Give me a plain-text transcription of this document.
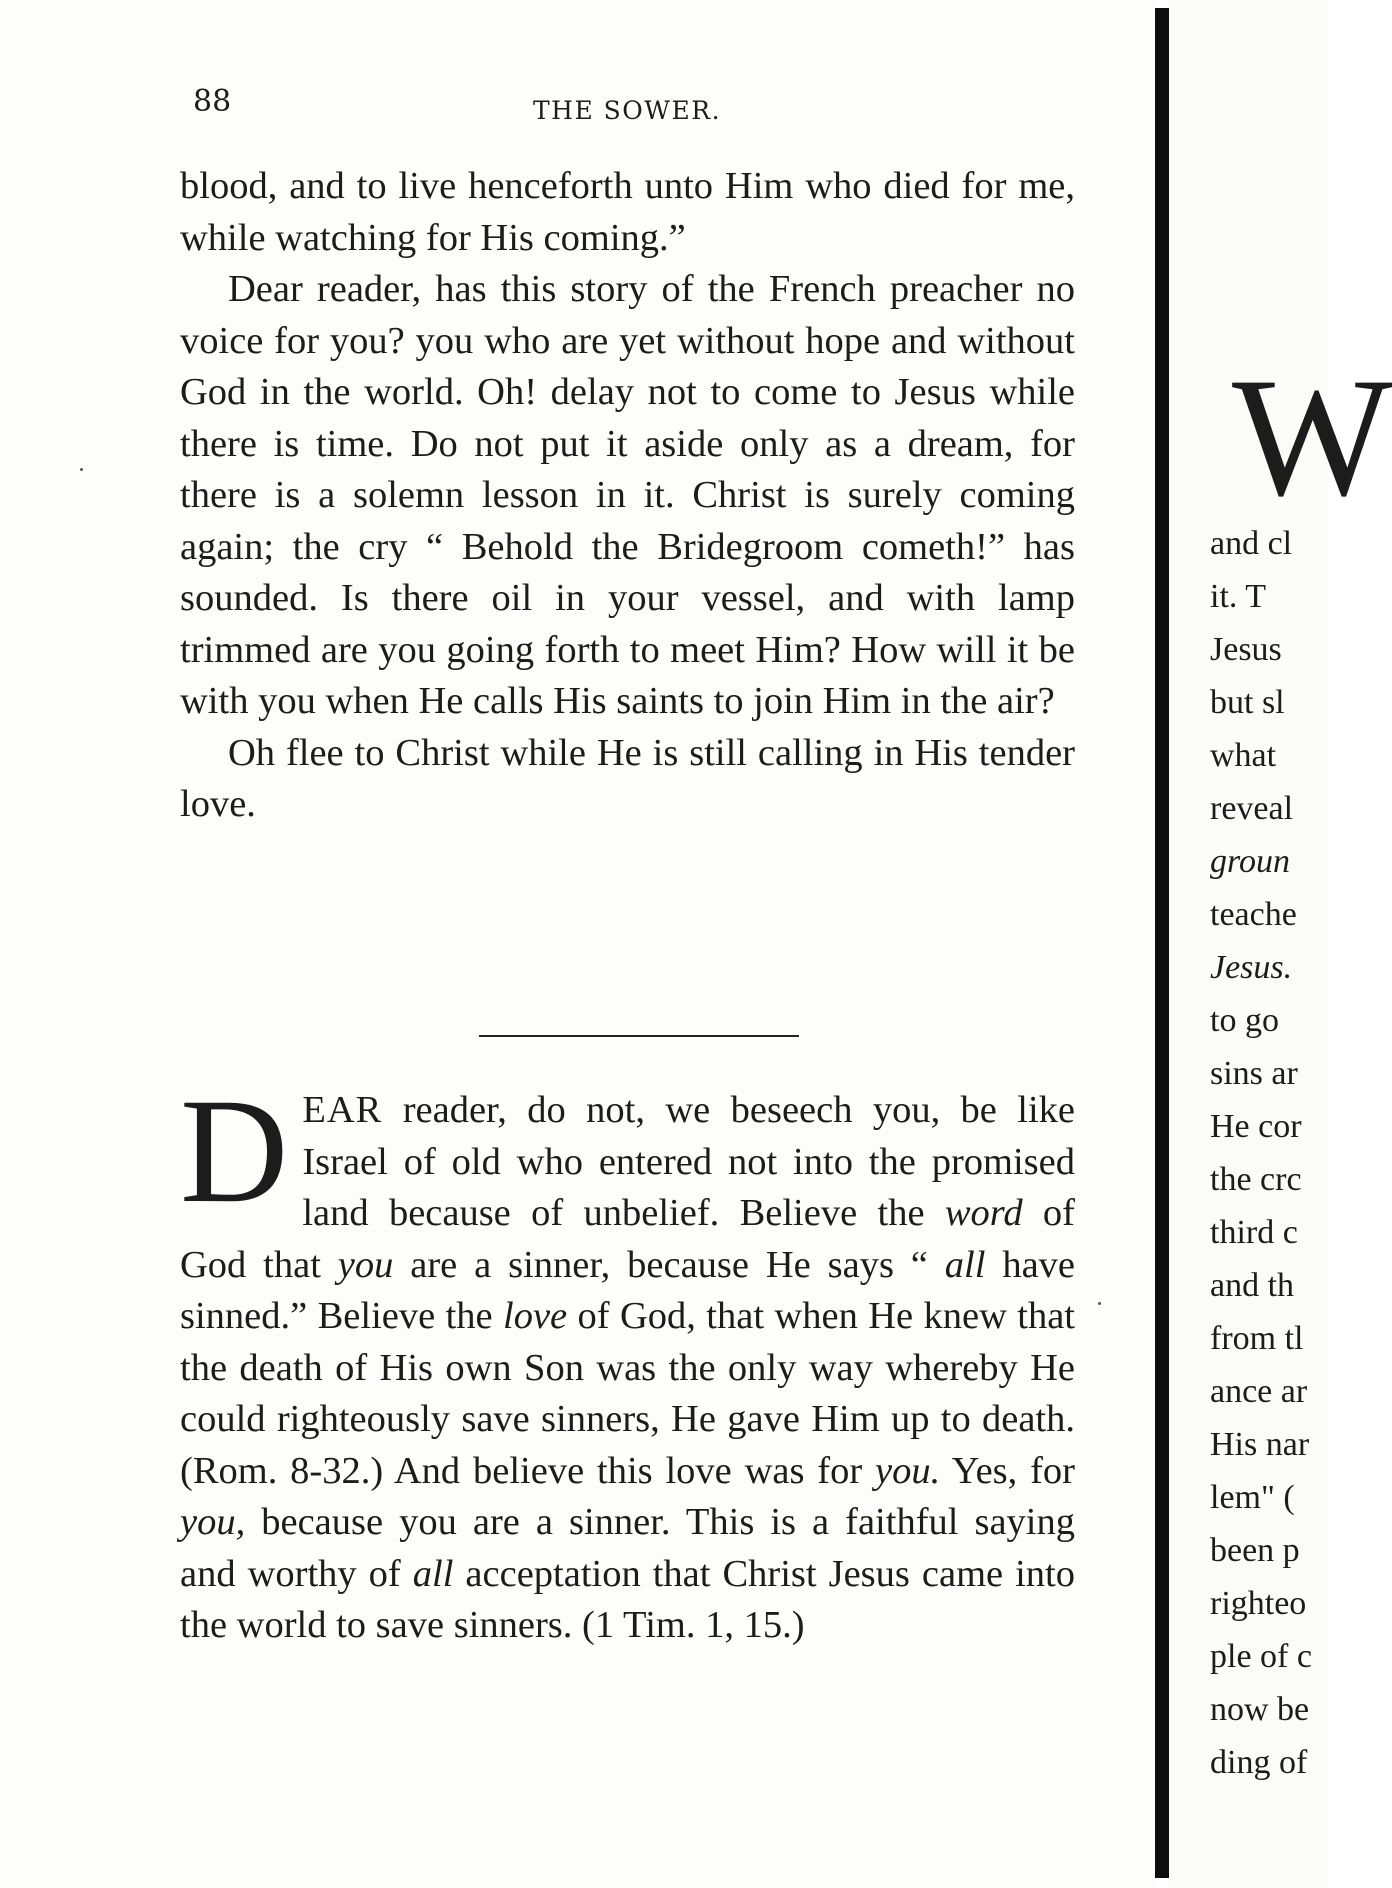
88	THE SOWER.

blood, and to live henceforth unto Him who died for me, while watching for His coming.”

Dear reader, has this story of the French preacher no voice for you? you who are yet without hope and without God in the world. Oh! delay not to come to Jesus while there is time. Do not put it aside only as a dream, for there is a solemn lesson in it. Christ is surely coming again; the cry “ Behold the Bridegroom cometh!” has sounded. Is there oil in your vessel, and with lamp trimmed are you going forth to meet Him? How will it be with you when He calls His saints to join Him in the air?

Oh flee to Christ while He is still calling in His tender love.

DEAR reader, do not, we beseech you, be like Israel of old who entered not into the promised land because of unbelief. Believe the word of God that you are a sinner, because He says “ all have sinned.” Believe the love of God, that when He knew that the death of His own Son was the only way whereby He could righteously save sinners, He gave Him up to death. (Rom. 8-32.) And believe this love was for you. Yes, for you, because you are a sinner. This is a faithful saying and worthy of all acceptation that Christ Jesus came into the world to save sinners. (1 Tim. 1, 15.)

W
and cl
it. T
Jesus
but sl
what
reveal
groun
teache
Jesus.
to go
sins ar
He cor
the crc
third c
and th
from tl
ance ar
His nar
lem" (
been p
righteo
ple of c
now be
ding of
